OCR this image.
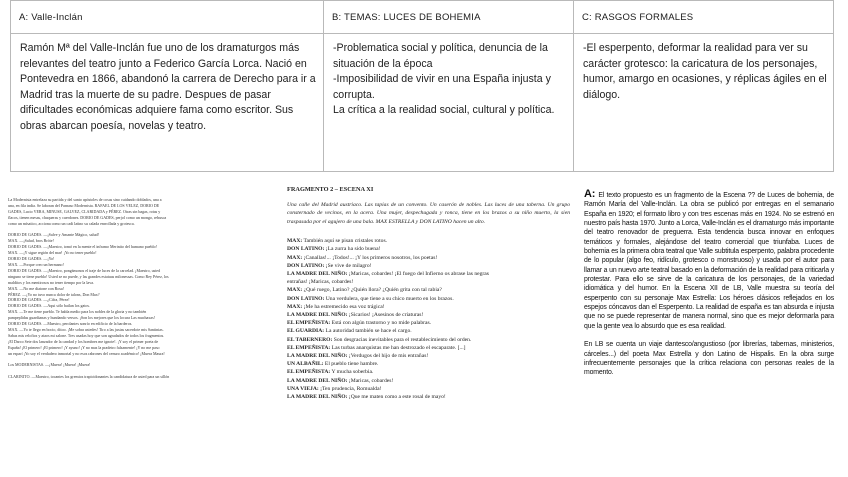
A: Valle-Inclán	B: TEMAS: LUCES DE BOHEMIA	C: RASGOS FORMALES

Ramón Mª del Valle-Inclán fue uno de los dramaturgos más relevantes del teatro junto a Federico García Lorca. Nació en Pontevedra en 1866, abandonó la carrera de Derecho para ir a Madrid tras la muerte de su padre. Despues de pasar dificultades económicas adquiere fama como escritor. Sus obras abarcan poesía, novelas y teatro.

-Problematica social y política, denuncia de la situación de la época

-Imposibilidad de vivir en una España injusta y corrupta.

La crítica a la realidad social, cultural y política.

-El esperpento, deformar la realidad para ver su carácter grotesco: la caricatura de los personajes, humor, amargo en ocasiones, y réplicas ágiles en el diálogo.

La Modernista entrelaza su partida y del santo apóstoles de cosas sino cuidando doblados, una a
una, en fila india. Se laboran del Parnaso Modernista. RAFAEL DE LOS VELEZ, DORIO DE
GADES, Lucio VERA, MINUSE, GALVEZ, CLARIDADA y PÉREZ. Otras sin bagas, rotas y
flacos, tienen mesas, chaqueras y cuerdones. DORIO DE GADES, perjol como un mongo, rebusca
como un mísatico, acciona como un cadi latino su calada enrrollada y grotesca.

DORIO DE GADES. —¡Salve y Amante Mágico, salud!
MAX. —¡Salud, bros Bróte!
DORIO DE GADES. —¡Maestro, tomó en la mente el inframo Merinito del humano pueblo!
MAX. —¡Y sigue región del mar! ¡Yo no tener pueblo!
DORIO DE GADES. —¡Yo!
MAX. —Porque creo un hermano!
DORIO DE GADES. —¡Maestro, pongámonos el traje de luces de la carcelad. ¡Maestro, usted
ninguno se tiene pueblo! Usted se no puede, y las grandes estatuas milonessas. Como Rey Pérez, los
malditos y los mentirosos no tener tiempo por la lava.
MAX. —No me diatone con Rosa!
PÉREZ. —¡Yo no tuvo nunca dolor de talons, Don Max?
DORIO DE GADES. —¿Cifra, Pérez!
DORIO DE GADES. —Aqui sólo bailan los gatos.
MAX. —Te me tiene pueblo. Te habla medio para los nobles de la gloria y no también
pampeplidas guardianas y hundando versos. ¡Son los mejores que los locura Las muchaxas!
DORIO DE GADES. —Maestro, perolantes sonrío en edificio de la barderos.
MAX. —Yo te llego en bocio, ditoo. ¡Me sobra ustedes! Tiro a las justas sacerdote mis Santinias.
Sabas mis relofios y ataos mi salone. Tres usadas hoy que son agradados de todos los fragmentos.
¡El Darco Sete dos lanzador de la candad y los hombres me ignote!. ¡Y soy el primer poeta de
España! ¡El primero! ¡El primero! ¡Y ayuno! ¡Y no mas la pradetro falsamente! ¡Y no me paso
un esparí ¡Yo soy el verdadero inmortal y no esos rabrones del cenuro académico! ¡Muera Maura!

Los MODERNISTAS. —¡Muera! ¡Muera! ¡Muera!

CLARINITO. —Maestro, tocantes los gremios trapicidonantes la candidatura de usted para un sillón
FRAGMENTO 2 – ESCENA XI
Una calle del Madrid austriaco. Las tapias de un convento. Un caserón de nobles. Las luces de una taberna. Un grupo consternado de vecinos, en la acera. Una mujer, despechugada y ronca, tiene en los brazos a su niño muerto, la sien traspasada por el agujero de una bala. MAX ESTRELLA y DON LATINO hacen un alto.
MAX: También aquí se pisan cristales rotos.
DON LATINO: ¡La zurra ha sido buena!
MAX: ¡Canallas!... ¡Todos!... ¡Y los primeros nosotros, los poetas!
DON LATINO: ¡Se vive de milagro!
LA MADRE DEL NIÑO: ¡Maricas, cobardes! ¡El fuego del Infierno os abrase las negras
entrañas! ¡Maricas, cobardes!
MAX: ¿Qué ruego, Latino? ¿Quién llora? ¿Quién grita con tal rabia?
DON LATINO: Una verdulera, que tiene a su chico muerto en los brazos.
MAX: ¡Me ha estremecido esa voz trágica!
LA MADRE DEL NIÑO: ¡Sicarios! ¡Asesinos de criaturas!
EL EMPEÑISTA: Está con algún trastorno y no mide palabras.
EL GUARDIA: La autoridad también se hace el cargo.
EL TABERNERO: Son desgracias inevitables para el restablecimiento del orden.
EL EMPEÑISTA: Las turbas anarquistas me han destrozado el escaparate. [...]
LA MADRE DEL NIÑO: ¡Verdugos del hijo de mis entrañas!
UN ALBAÑIL: El pueblo tiene hambre.
EL EMPEÑISTA: Y mucha soberbia.
LA MADRE DEL NIÑO: ¡Maricas, cobardes!
UNA VIEJA: ¡Ten prudencia, Romualda!
LA MADRE DEL NIÑO: ¡Que me maten como a este rosal de mayo!

A: El texto propuesto es un fragmento de la Escena ?? de Luces de bohemia, de Ramón María del Valle-Inclán. La obra se publicó por entregas en el semanario España en 1920; el formato libro y con tres escenas más en 1924. No se estrenó en nuestro país hasta 1970. Junto a Lorca, Valle-Inclán es el dramaturgo más importante del teatro renovador de preguerra. Esta tendencia busca innovar en enfoques temáticos y formales, alejándose del teatro comercial que triunfaba. Luces de bohemia es la primera obra teatral que Valle subtitula esperpento, palabra procedente de lo popular (algo feo, ridículo, grotesco o monstruoso) y usada por el autor para llamar a un nuevo arte teatral basado en la deformación de la realidad para criticarla y protestar. Para ello se sirve de la caricatura de los personajes, de la variedad idiomática y del humor. En la Escena XII de LB, Valle muestra su teoría del esperpento con su personaje Max Estrella: Los héroes clásicos reflejados en los espejos cóncavos dan el Esperpento. La realidad de españa es tan absurda e injusta que no se puede representar de manera normal, sino que es mejor deformarla para que la gente vea lo absurdo que es esa realidad.

En LB se cuenta un viaje dantesco/angustioso (por librerías, tabernas, ministerios, cárceles...) del poeta Max Estrella y don Latino de Hispalis. En la obra surge infrecuentemente personajes que la crítica relaciona con personas reales de la momento.
